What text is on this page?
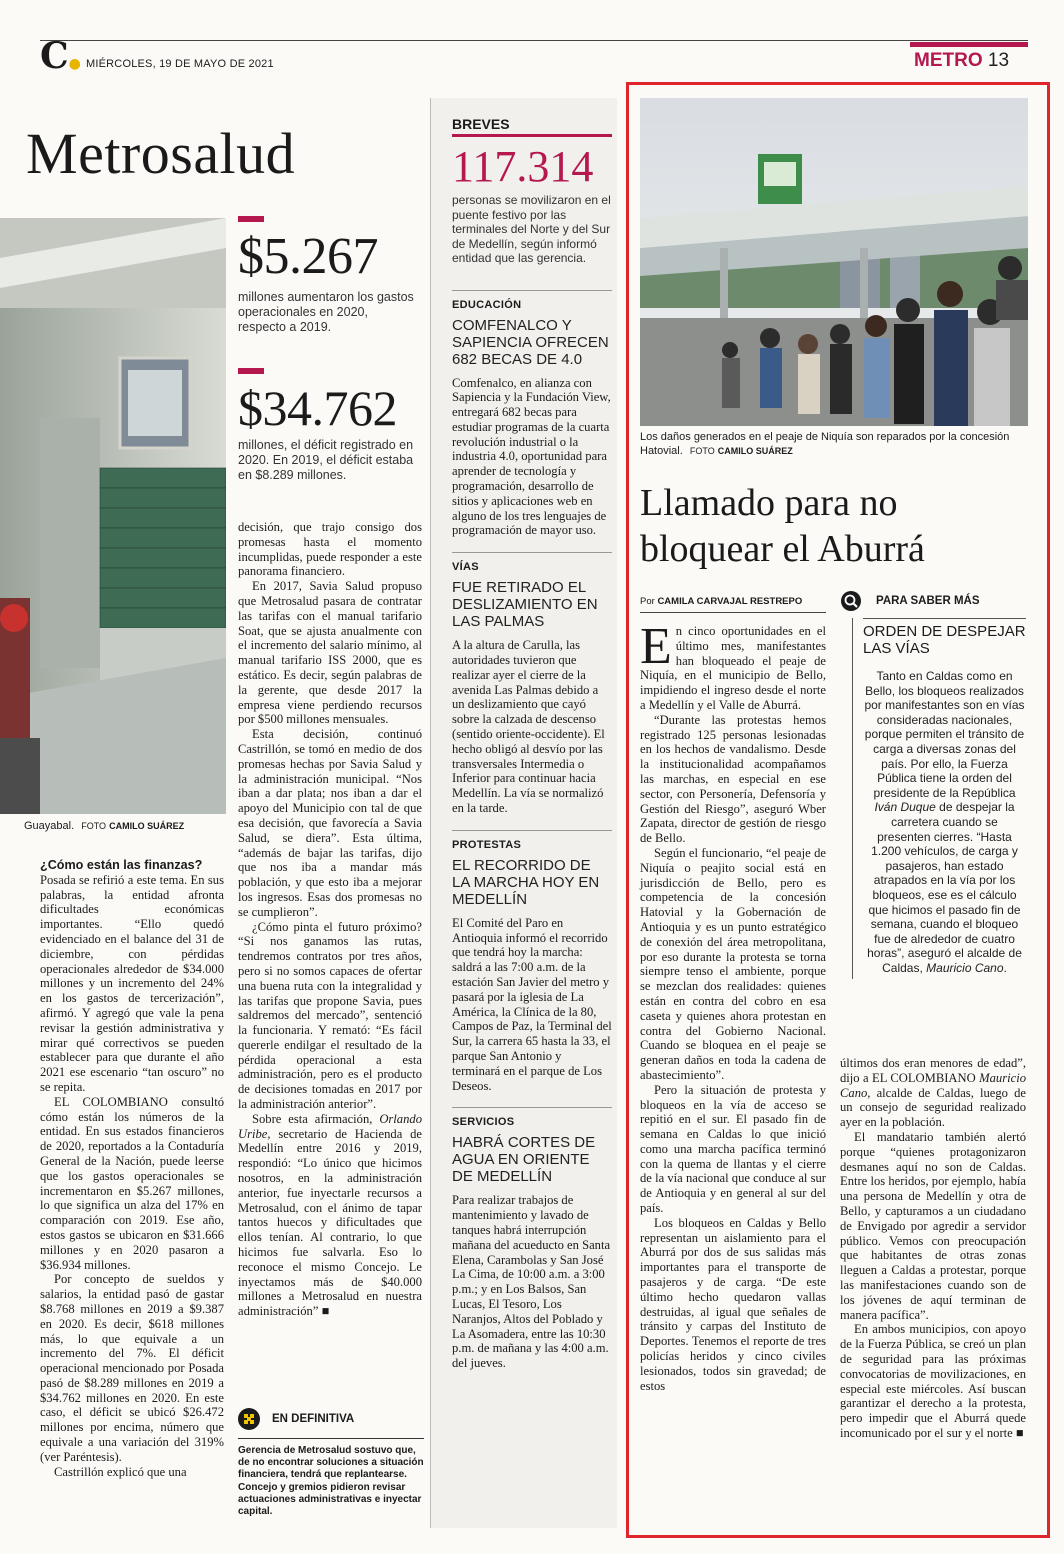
C● MIÉRCOLES, 19 DE MAYO DE 2021	METRO 13
Metrosalud
Guayabal. FOTO CAMILO SUÁREZ
$5.267
millones aumentaron los gastos operacionales en 2020, respecto a 2019.
$34.762
millones, el déficit registrado en 2020. En 2019, el déficit estaba en $8.289 millones.

¿Cómo están las finanzas?

Posada se refirió a este tema. En sus palabras, la entidad afronta dificultades económicas importantes. “Ello quedó evidenciado en el balance del 31 de diciembre, con pérdidas operacionales alrededor de $34.000 millones y un incremento del 24% en los gastos de tercerización”, afirmó. Y agregó que vale la pena revisar la gestión administrativa y mirar qué correctivos se pueden establecer para que durante el año 2021 ese escenario “tan oscuro” no se repita.

EL COLOMBIANO consultó cómo están los números de la entidad. En sus estados financieros de 2020, reportados a la Contaduría General de la Nación, puede leerse que los gastos operacionales se incrementaron en $5.267 millones, lo que significa un alza del 17% en comparación con 2019. Ese año, estos gastos se ubicaron en $31.666 millones y en 2020 pasaron a $36.934 millones.

Por concepto de sueldos y salarios, la entidad pasó de gastar $8.768 millones en 2019 a $9.387 en 2020. Es decir, $618 millones más, lo que equivale a un incremento del 7%. El déficit operacional mencionado por Posada pasó de $8.289 millones en 2019 a $34.762 millones en 2020. En este caso, el déficit se ubicó $26.472 millones por encima, número que equivale a una variación del 319% (ver Paréntesis).

Castrillón explicó que una

decisión, que trajo consigo dos promesas hasta el momento incumplidas, puede responder a este panorama financiero.

En 2017, Savia Salud propuso que Metrosalud pasara de contratar las tarifas con el manual tarifario Soat, que se ajusta anualmente con el incremento del salario mínimo, al manual tarifario ISS 2000, que es estático. Es decir, según palabras de la gerente, que desde 2017 la empresa viene perdiendo recursos por $500 millones mensuales.

Esta decisión, continuó Castrillón, se tomó en medio de dos promesas hechas por Savia Salud y la administración municipal. “Nos iban a dar plata; nos iban a dar el apoyo del Municipio con tal de que esa decisión, que favorecía a Savia Salud, se diera”. Esta última, “además de bajar las tarifas, dijo que nos iba a mandar más población, y que esto iba a mejorar los ingresos. Esas dos promesas no se cumplieron”.

¿Cómo pinta el futuro próximo? “Si nos ganamos las rutas, tendremos contratos por tres años, pero si no somos capaces de ofertar una buena ruta con la integralidad y las tarifas que propone Savia, pues saldremos del mercado”, sentenció la funcionaria. Y remató: “Es fácil quererle endilgar el resultado de la pérdida operacional a esta administración, pero es el producto de decisiones tomadas en 2017 por la administración anterior”.

Sobre esta afirmación, Orlando Uribe, secretario de Hacienda de Medellín entre 2016 y 2019, respondió: “Lo único que hicimos nosotros, en la administración anterior, fue inyectarle recursos a Metrosalud, con el ánimo de tapar tantos huecos y dificultades que ellos tenían. Al contrario, lo que hicimos fue salvarla. Eso lo reconoce el mismo Concejo. Le inyectamos más de $40.000 millones a Metrosalud en nuestra administración” ■

EN DEFINITIVA
Gerencia de Metrosalud sostuvo que, de no encontrar soluciones a situación financiera, tendrá que replantearse. Concejo y gremios pidieron revisar actuaciones administrativas e inyectar capital.
BREVES
117.314
personas se movilizaron en el puente festivo por las terminales del Norte y del Sur de Medellín, según informó entidad que las gerencia.
EDUCACIÓN
COMFENALCO Y SAPIENCIA OFRECEN 682 BECAS DE 4.0
Comfenalco, en alianza con Sapiencia y la Fundación View, entregará 682 becas para estudiar programas de la cuarta revolución industrial o la industria 4.0, oportunidad para aprender de tecnología y programación, desarrollo de sitios y aplicaciones web en alguno de los tres lenguajes de programación de mayor uso.
VÍAS
FUE RETIRADO EL DESLIZAMIENTO EN LAS PALMAS
A la altura de Carulla, las autoridades tuvieron que realizar ayer el cierre de la avenida Las Palmas debido a un deslizamiento que cayó sobre la calzada de descenso (sentido oriente-occidente). El hecho obligó al desvío por las transversales Intermedia o Inferior para continuar hacia Medellín. La vía se normalizó en la tarde.
PROTESTAS
EL RECORRIDO DE LA MARCHA HOY EN MEDELLÍN
El Comité del Paro en Antioquia informó el recorrido que tendrá hoy la marcha: saldrá a las 7:00 a.m. de la estación San Javier del metro y pasará por la iglesia de La América, la Clínica de la 80, Campos de Paz, la Terminal del Sur, la carrera 65 hasta la 33, el parque San Antonio y terminará en el parque de Los Deseos.
SERVICIOS
HABRÁ CORTES DE AGUA EN ORIENTE DE MEDELLÍN
Para realizar trabajos de mantenimiento y lavado de tanques habrá interrupción mañana del acueducto en Santa Elena, Carambolas y San José La Cima, de 10:00 a.m. a 3:00 p.m.; y en Los Balsos, San Lucas, El Tesoro, Los Naranjos, Altos del Poblado y La Asomadera, entre las 10:30 p.m. de mañana y las 4:00 a.m. del jueves.
Los daños generados en el peaje de Niquía son reparados por la concesión Hatovial. FOTO CAMILO SUÁREZ
Llamado para no bloquear el Aburrá
Por CAMILA CARVAJAL RESTREPO

En cinco oportunidades en el último mes, manifestantes han bloqueado el peaje de Niquía, en el municipio de Bello, impidiendo el ingreso desde el norte a Medellín y el Valle de Aburrá.

“Durante las protestas hemos registrado 125 personas lesionadas en los hechos de vandalismo. Desde la institucionalidad acompañamos las marchas, en especial en ese sector, con Personería, Defensoría y Gestión del Riesgo”, aseguró Wber Zapata, director de gestión de riesgo de Bello.

Según el funcionario, “el peaje de Niquía o peajito social está en jurisdicción de Bello, pero es competencia de la concesión Hatovial y la Gobernación de Antioquia y es un punto estratégico de conexión del área metropolitana, por eso durante la protesta se torna siempre tenso el ambiente, porque se mezclan dos realidades: quienes están en contra del cobro en esa caseta y quienes ahora protestan en contra del Gobierno Nacional. Cuando se bloquea en el peaje se generan daños en toda la cadena de abastecimiento”.

Pero la situación de protesta y bloqueos en la vía de acceso se repitió en el sur. El pasado fin de semana en Caldas lo que inició como una marcha pacífica terminó con la quema de llantas y el cierre de la vía nacional que conduce al sur de Antioquia y en general al sur del país.

Los bloqueos en Caldas y Bello representan un aislamiento para el Aburrá por dos de sus salidas más importantes para el transporte de pasajeros y de carga. “De este último hecho quedaron vallas destruidas, al igual que señales de tránsito y carpas del Instituto de Deportes. Tenemos el reporte de tres policías heridos y cinco civiles lesionados, todos sin gravedad; de estos

PARA SABER MÁS
ORDEN DE DESPEJAR LAS VÍAS
Tanto en Caldas como en Bello, los bloqueos realizados por manifestantes son en vías consideradas nacionales, porque permiten el tránsito de carga a diversas zonas del país. Por ello, la Fuerza Pública tiene la orden del presidente de la República Iván Duque de despejar la carretera cuando se presenten cierres. “Hasta 1.200 vehículos, de carga y pasajeros, han estado atrapados en la vía por los bloqueos, ese es el cálculo que hicimos el pasado fin de semana, cuando el bloqueo fue de alrededor de cuatro horas”, aseguró el alcalde de Caldas, Mauricio Cano.

últimos dos eran menores de edad”, dijo a EL COLOMBIANO Mauricio Cano, alcalde de Caldas, luego de un consejo de seguridad realizado ayer en la población.

El mandatario también alertó porque “quienes protagonizaron desmanes aquí no son de Caldas. Entre los heridos, por ejemplo, había una persona de Medellín y otra de Bello, y capturamos a un ciudadano de Envigado por agredir a servidor público. Vemos con preocupación que habitantes de otras zonas lleguen a Caldas a protestar, porque las manifestaciones cuando son de los jóvenes de aquí terminan de manera pacífica”.

En ambos municipios, con apoyo de la Fuerza Pública, se creó un plan de seguridad para las próximas convocatorias de movilizaciones, en especial este miércoles. Así buscan garantizar el derecho a la protesta, pero impedir que el Aburrá quede incomunicado por el sur y el norte ■
